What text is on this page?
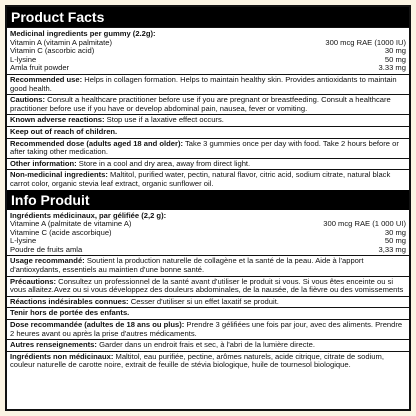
Product Facts
Medicinal ingredients per gummy (2.2g):
Vitamin A (vitamin A palmitate)	300 mcg RAE (1000 IU)
Vitamin C (ascorbic acid)	30 mg
L-lysine	50 mg
Amla fruit powder	3.33 mg
Recommended use: Helps in collagen formation. Helps to maintain healthy skin. Provides antioxidants to maintain good health.
Cautions: Consult a healthcare practitioner before use if you are pregnant or breastfeeding. Consult a healthcare practitioner before use if you have or develop abdominal pain, nausea, fever or vomiting.
Known adverse reactions: Stop use if a laxative effect occurs.
Keep out of reach of children.
Recommended dose (adults aged 18 and older): Take 3 gummies once per day with food. Take 2 hours before or after taking other medication.
Other information: Store in a cool and dry area, away from direct light.
Non-medicinal ingredients: Maltitol, purified water, pectin, natural flavor, citric acid, sodium citrate, natural black carrot color, organic stevia leaf extract, organic sunflower oil.
Info Produit
Ingrédients médicinaux, par gélifiée (2,2 g):
Vitamine A (palmitate de vitamine A)	300 mcg RAE (1 000 UI)
Vitamine C (acide ascorbique)	30 mg
L-lysine	50 mg
Poudre de fruits amla	3,33 mg
Usage recommandé: Soutient la production naturelle de collagène et la santé de la peau. Aide à l'apport d'antioxydants, essentiels au maintien d'une bonne santé.
Précautions: Consultez un professionnel de la santé avant d'utiliser le produit si vous. Si vous êtes enceinte ou si vous allaitez.Avez ou si vous développez des douleurs abdominales, de la nausée, de la fièvre ou des vomissements
Réactions indésirables connues: Cesser d'utiliser si un effet laxatif se produit.
Tenir hors de portée des enfants.
Dose recommandée (adultes de 18 ans ou plus): Prendre 3 gélifiées une fois par jour, avec des aliments. Prendre 2 heures avant ou après la prise d'autres médicaments.
Autres renseignements: Garder dans un endroit frais et sec, à l'abri de la lumière directe.
Ingrédients non médicinaux: Maltitol, eau purifiée, pectine, arômes naturels, acide citrique, citrate de sodium, couleur naturelle de carotte noire, extrait de feuille de stévia biologique, huile de tournesol biologique.
